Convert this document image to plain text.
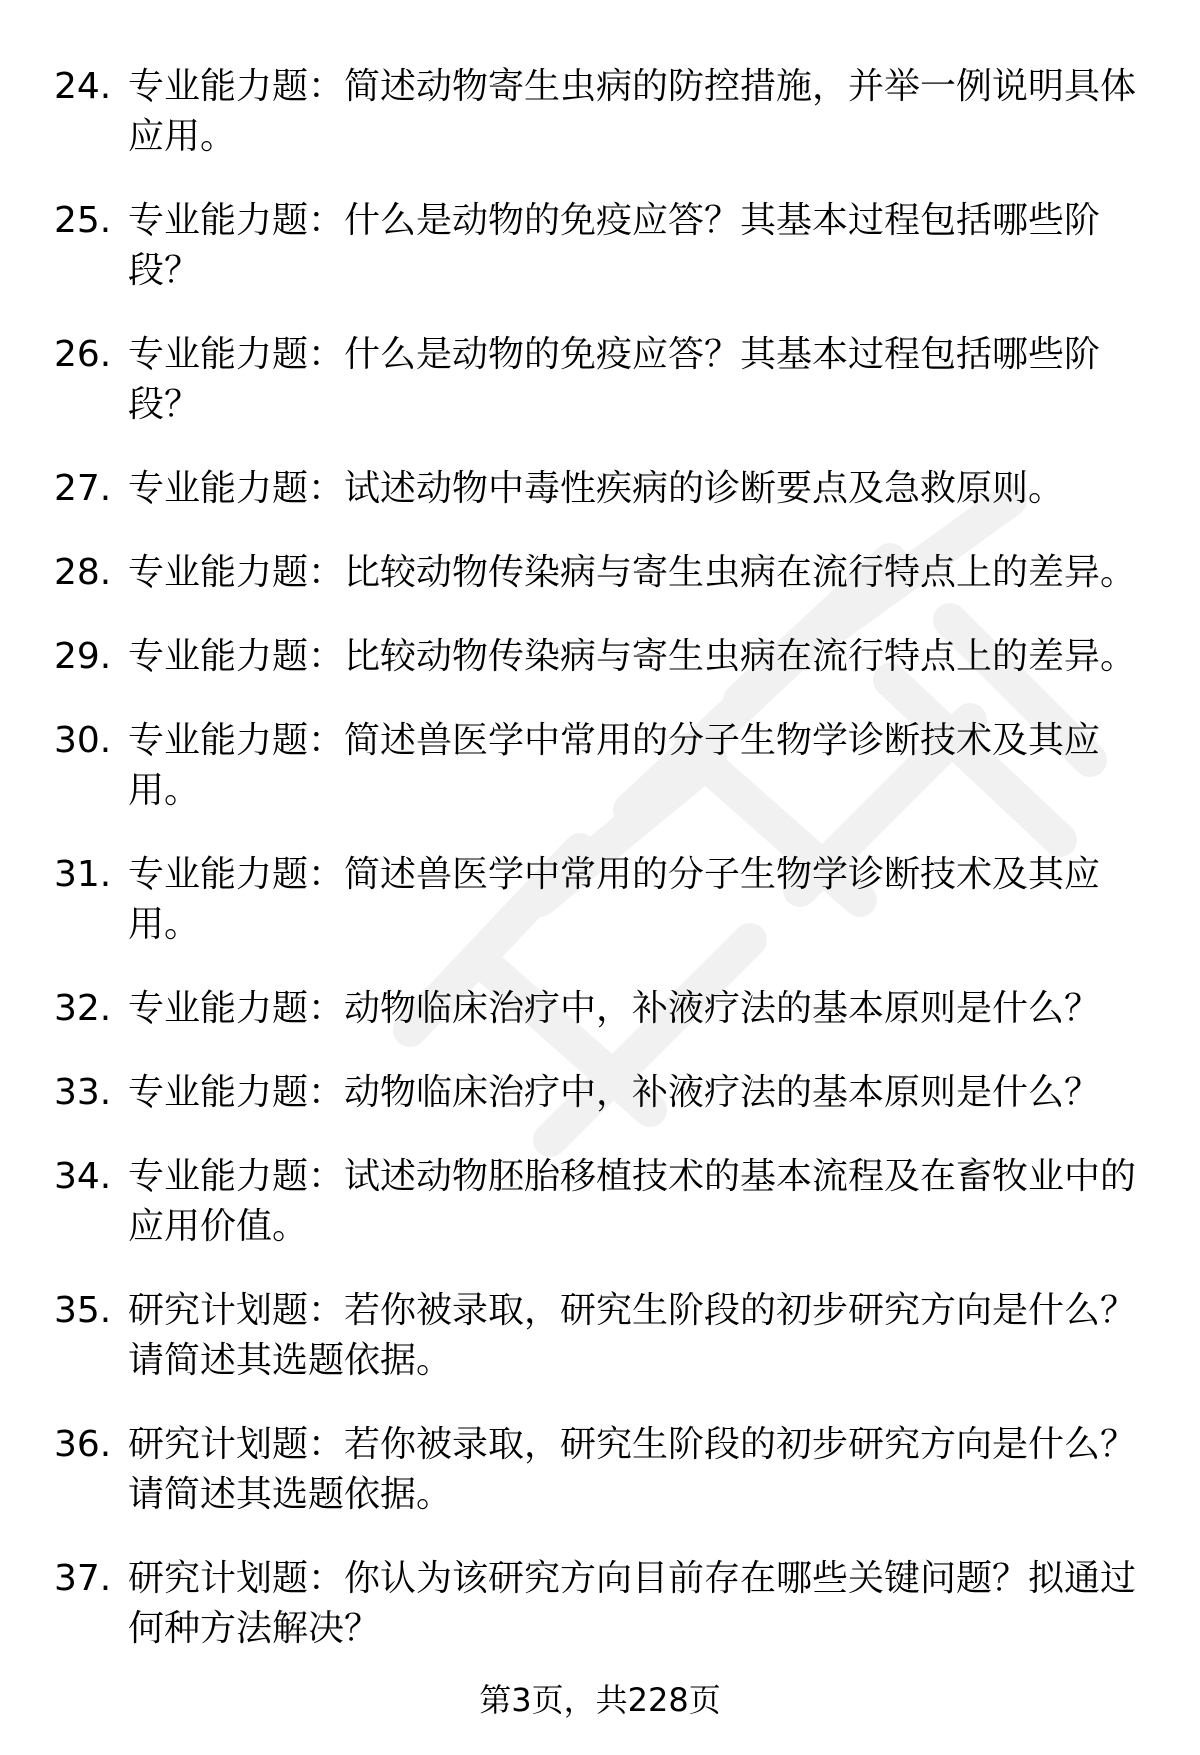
24. 专业能力题：简述动物寄生虫病的防控措施，并举一例说明具体应用。
25. 专业能力题：什么是动物的免疫应答？其基本过程包括哪些阶段？
26. 专业能力题：什么是动物的免疫应答？其基本过程包括哪些阶段？
27. 专业能力题：试述动物中毒性疾病的诊断要点及急救原则。
28. 专业能力题：比较动物传染病与寄生虫病在流行特点上的差异。
29. 专业能力题：比较动物传染病与寄生虫病在流行特点上的差异。
30. 专业能力题：简述兽医学中常用的分子生物学诊断技术及其应用。
31. 专业能力题：简述兽医学中常用的分子生物学诊断技术及其应用。
32. 专业能力题：动物临床治疗中，补液疗法的基本原则是什么？
33. 专业能力题：动物临床治疗中，补液疗法的基本原则是什么？
34. 专业能力题：试述动物胚胎移植技术的基本流程及在畜牧业中的应用价值。
35. 研究计划题：若你被录取，研究生阶段的初步研究方向是什么？请简述其选题依据。
36. 研究计划题：若你被录取，研究生阶段的初步研究方向是什么？请简述其选题依据。
37. 研究计划题：你认为该研究方向目前存在哪些关键问题？拟通过何种方法解决？
第3页，共228页
